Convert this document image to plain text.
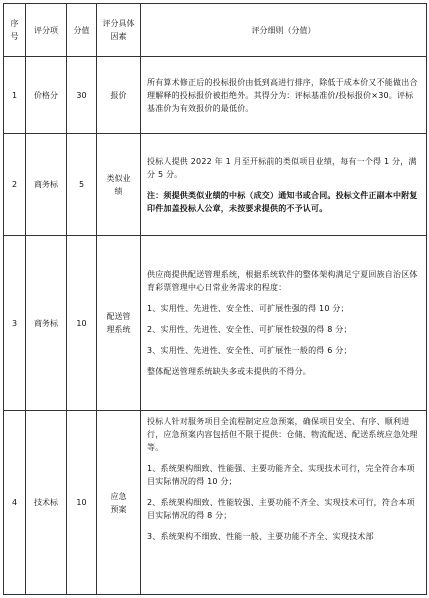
序号	评分项	分值	评分具体因素	评分细则（分值）
1	价格分	30	报价	所有算术修正后的投标报价由低到高进行排序，除低于成本价又不能做出合理解释的投标报价被拒绝外。其得分为：评标基准价/投标报价×30。评标基准价为有效报价的最低价。

2	商务标	5	类似业绩	投标人提供 2022 年 1 月至开标前的类似项目业绩，每有一个得 1 分，满分 5 分。

注：须提供类似业绩的中标（成交）通知书或合同。投标文件正副本中附复印件加盖投标人公章，未按要求提供的不予认可。

3	商务标	10	配送管理系统	供应商提供配送管理系统，根据系统软件的整体架构满足宁夏回族自治区体育彩票管理中心日常业务需求的程度：

1、实用性、先进性、安全性、可扩展性强的得 10 分；

2、实用性、先进性、安全性、可扩展性较强的得 8 分；

3、实用性、先进性、安全性、可扩展性一般的得 6 分；

整体配送管理系统缺失多或未提供的不得分。

4	技术标	10	应急预案	投标人针对服务项目全流程制定应急预案，确保项目安全、有序、顺利进行，应急预案内容包括但不限于提供：仓储、物流配送、配送系统应急处理等。

1、系统架构细致、性能强、主要功能齐全、实现技术可行，完全符合本项目实际情况的得 10 分；

2、系统架构细致、性能较强、主要功能不齐全、实现技术可行，符合本项目实际情况的得 8 分；

3、系统架构不细致、性能一般、主要功能不齐全、实现技术部
